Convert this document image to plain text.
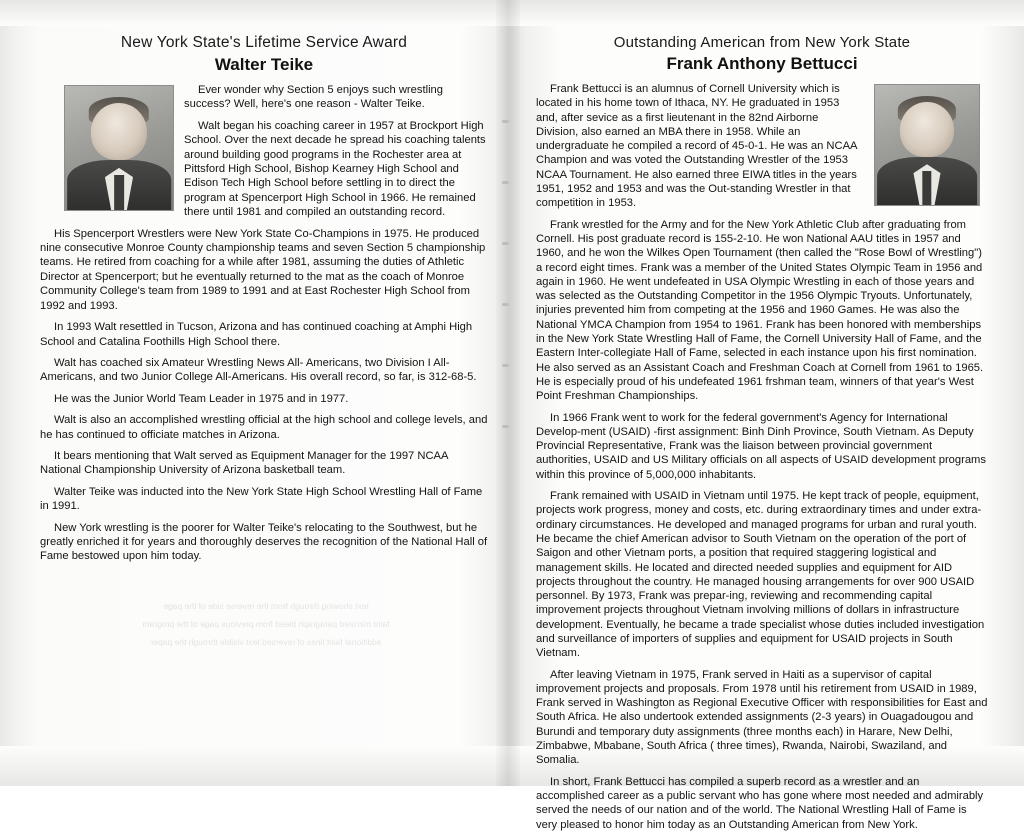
New York State's Lifetime Service Award
Walter Teike

Ever wonder why Section 5 enjoys such wrestling success? Well, here's one reason - Walter Teike.

Walt began his coaching career in 1957 at Brockport High School. Over the next decade he spread his coaching talents around building good programs in the Rochester area at Pittsford High School, Bishop Kearney High School and Edison Tech High School before settling in to direct the program at Spencerport High School in 1966. He remained there until 1981 and compiled an outstanding record.

His Spencerport Wrestlers were New York State Co-Champions in 1975. He produced nine consecutive Monroe County championship teams and seven Section 5 championship teams. He retired from coaching for a while after 1981, assuming the duties of Athletic Director at Spencerport; but he eventually returned to the mat as the coach of Monroe Community College's team from 1989 to 1991 and at East Rochester High School from 1992 and 1993.

In 1993 Walt resettled in Tucson, Arizona and has continued coaching at Amphi High School and Catalina Foothills High School there.

Walt has coached six Amateur Wrestling News All- Americans, two Division I All- Americans, and two Junior College All-Americans. His overall record, so far, is 312-68-5.

He was the Junior World Team Leader in 1975 and in 1977.

Walt is also an accomplished wrestling official at the high school and college levels, and he has continued to officiate matches in Arizona.

It bears mentioning that Walt served as Equipment Manager for the 1997 NCAA National Championship University of Arizona basketball team.

Walter Teike was inducted into the New York State High School Wrestling Hall of Fame in 1991.

New York wrestling is the poorer for Walter Teike's relocating to the Southwest, but he greatly enriched it for years and thoroughly deserves the recognition of the National Hall of Fame bestowed upon him today.

Outstanding American from New York State
Frank Anthony Bettucci

Frank Bettucci is an alumnus of Cornell University which is located in his home town of Ithaca, NY. He graduated in 1953 and, after sevice as a first lieutenant in the 82nd Airborne Division, also earned an MBA there in 1958. While an undergraduate he compiled a record of 45-0-1. He was an NCAA Champion and was voted the Outstanding Wrestler of the 1953 NCAA Tournament. He also earned three EIWA titles in the years 1951, 1952 and 1953 and was the Out-standing Wrestler in that competition in 1953.

Frank wrestled for the Army and for the New York Athletic Club after graduating from Cornell. His post graduate record is 155-2-10. He won National AAU titles in 1957 and 1960, and he won the Wilkes Open Tournament (then called the "Rose Bowl of Wrestling") a record eight times. Frank was a member of the United States Olympic Team in 1956 and again in 1960. He went undefeated in USA Olympic Wrestling in each of those years and was selected as the Outstanding Competitor in the 1956 Olympic Tryouts. Unfortunately, injuries prevented him from competing at the 1956 and 1960 Games. He was also the National YMCA Champion from 1954 to 1961. Frank has been honored with memberships in the New York State Wrestling Hall of Fame, the Cornell University Hall of Fame, and the Eastern Inter-collegiate Hall of Fame, selected in each instance upon his first nomination. He also served as an Assistant Coach and Freshman Coach at Cornell from 1961 to 1965. He is especially proud of his undefeated 1961 frshman team, winners of that year's West Point Freshman Championships.

In 1966 Frank went to work for the federal government's Agency for International Develop-ment (USAID) -first assignment: Binh Dinh Province, South Vietnam. As Deputy Provincial Representative, Frank was the liaison between provincial government authorities, USAID and US Military officials on all aspects of USAID development programs within this province of 5,000,000 inhabitants.

Frank remained with USAID in Vietnam until 1975. He kept track of people, equipment, projects work progress, money and costs, etc. during extraordinary times and under extra-ordinary circumstances. He developed and managed programs for urban and rural youth. He became the chief American advisor to South Vietnam on the operation of the port of Saigon and other Vietnam ports, a position that required staggering logistical and management skills. He located and directed needed supplies and equipment for AID projects throughout the country. He managed housing arrangements for over 900 USAID personnel. By 1973, Frank was prepar-ing, reviewing and recommending capital improvement projects throughout Vietnam involving millions of dollars in infrastructure development. Eventually, he became a trade specialist whose duties included investigation and surveillance of importers of supplies and equipment for USAID projects in South Vietnam.

After leaving Vietnam in 1975, Frank served in Haiti as a supervisor of capital improvement projects and proposals. From 1978 until his retirement from USAID in 1989, Frank served in Washington as Regional Executive Officer with responsibilities for East and South Africa. He also undertook extended assignments (2-3 years) in Ouagadougou and Burundi and temporary duty assignments (three months each) in Harare, New Delhi, Zimbabwe, Mbabane, South Africa ( three times), Rwanda, Nairobi, Swaziland, and Somalia.

In short, Frank Bettucci has compiled a superb record as a wrestler and an accomplished career as a public servant who has gone where most needed and admirably served the needs of our nation and of the world. The National Wrestling Hall of Fame is very pleased to honor him today as an Outstanding American from New York.
